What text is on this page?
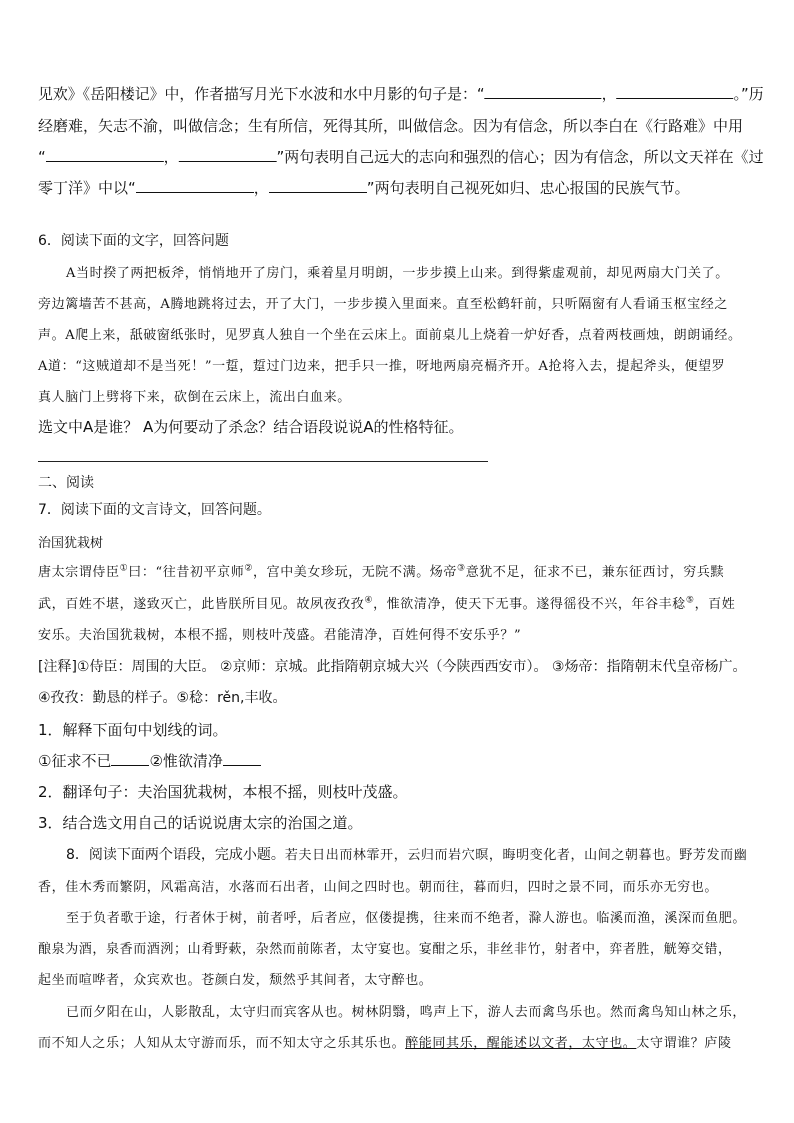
见欢》《岳阳楼记》中，作者描写月光下水波和水中月影的句子是：“	，	。”历
经磨难，矢志不渝，叫做信念；生有所信，死得其所，叫做信念。因为有信念，所以李白在《行路难》中用
“	，	”两句表明自己远大的志向和强烈的信心；因为有信念，所以文天祥在《过
零丁洋》中以“	，	”两句表明自己视死如归、忠心报国的民族气节。
6．阅读下面的文字，回答问题
A当时揆了两把板斧，悄悄地开了房门，乘着星月明朗，一步步摸上山来。到得紫虚观前，却见两扇大门关了。
旁边篱墙苦不甚高，A腾地跳将过去，开了大门，一步步摸入里面来。直至松鹤轩前，只听隔窗有人看诵玉枢宝经之
声。A爬上来，舐破窗纸张时，见罗真人独自一个坐在云床上。面前桌儿上烧着一炉好香，点着两枝画烛，朗朗诵经。
A道：“这贼道却不是当死！”一踅，踅过门边来，把手只一推，呀地两扇亮槅齐开。A抢将入去，提起斧头，便望罗
真人脑门上劈将下来，砍倒在云床上，流出白血来。
选文中A是谁？ A为何要动了杀念？结合语段说说A的性格特征。
二、阅读
7．阅读下面的文言诗文，回答问题。
治国犹栽树
唐太宗谓侍臣①曰：“往昔初平京师②，宫中美女珍玩，无院不满。炀帝③意犹不足，征求不已，兼东征西讨，穷兵黩
武，百姓不堪，遂致灭亡，此皆朕所目见。故夙夜孜孜④，惟欲清净，使天下无事。遂得徭役不兴，年谷丰稔⑤，百姓
安乐。夫治国犹栽树，本根不摇，则枝叶茂盛。君能清净，百姓何得不安乐乎？”
[注释]①侍臣：周围的大臣。 ②京师：京城。此指隋朝京城大兴（今陕西西安市）。 ③炀帝：指隋朝末代皇帝杨广。
④孜孜：勤恳的样子。⑤稔：rěn,丰收。
1．解释下面句中划线的词。
①征求不已	②惟欲清净
2．翻译句子：夫治国犹栽树，本根不摇，则枝叶茂盛。
3．结合选文用自己的话说说唐太宗的治国之道。
8．阅读下面两个语段，完成小题。若夫日出而林霏开，云归而岩穴暝，晦明变化者，山间之朝暮也。野芳发而幽
香，佳木秀而繁阴，风霜高洁，水落而石出者，山间之四时也。朝而往，暮而归，四时之景不同，而乐亦无穷也。
至于负者歌于途，行者休于树，前者呼，后者应，伛偻提携，往来而不绝者，滁人游也。临溪而渔，溪深而鱼肥。
酿泉为酒，泉香而酒洌；山肴野蔌，杂然而前陈者，太守宴也。宴酣之乐，非丝非竹，射者中，弈者胜，觥筹交错，
起坐而喧哗者，众宾欢也。苍颜白发，颓然乎其间者，太守醉也。
已而夕阳在山，人影散乱，太守归而宾客从也。树林阴翳，鸣声上下，游人去而禽鸟乐也。然而禽鸟知山林之乐，
而不知人之乐；人知从太守游而乐，而不知太守之乐其乐也。醉能同其乐，醒能述以文者，太守也。太守谓谁？庐陵
